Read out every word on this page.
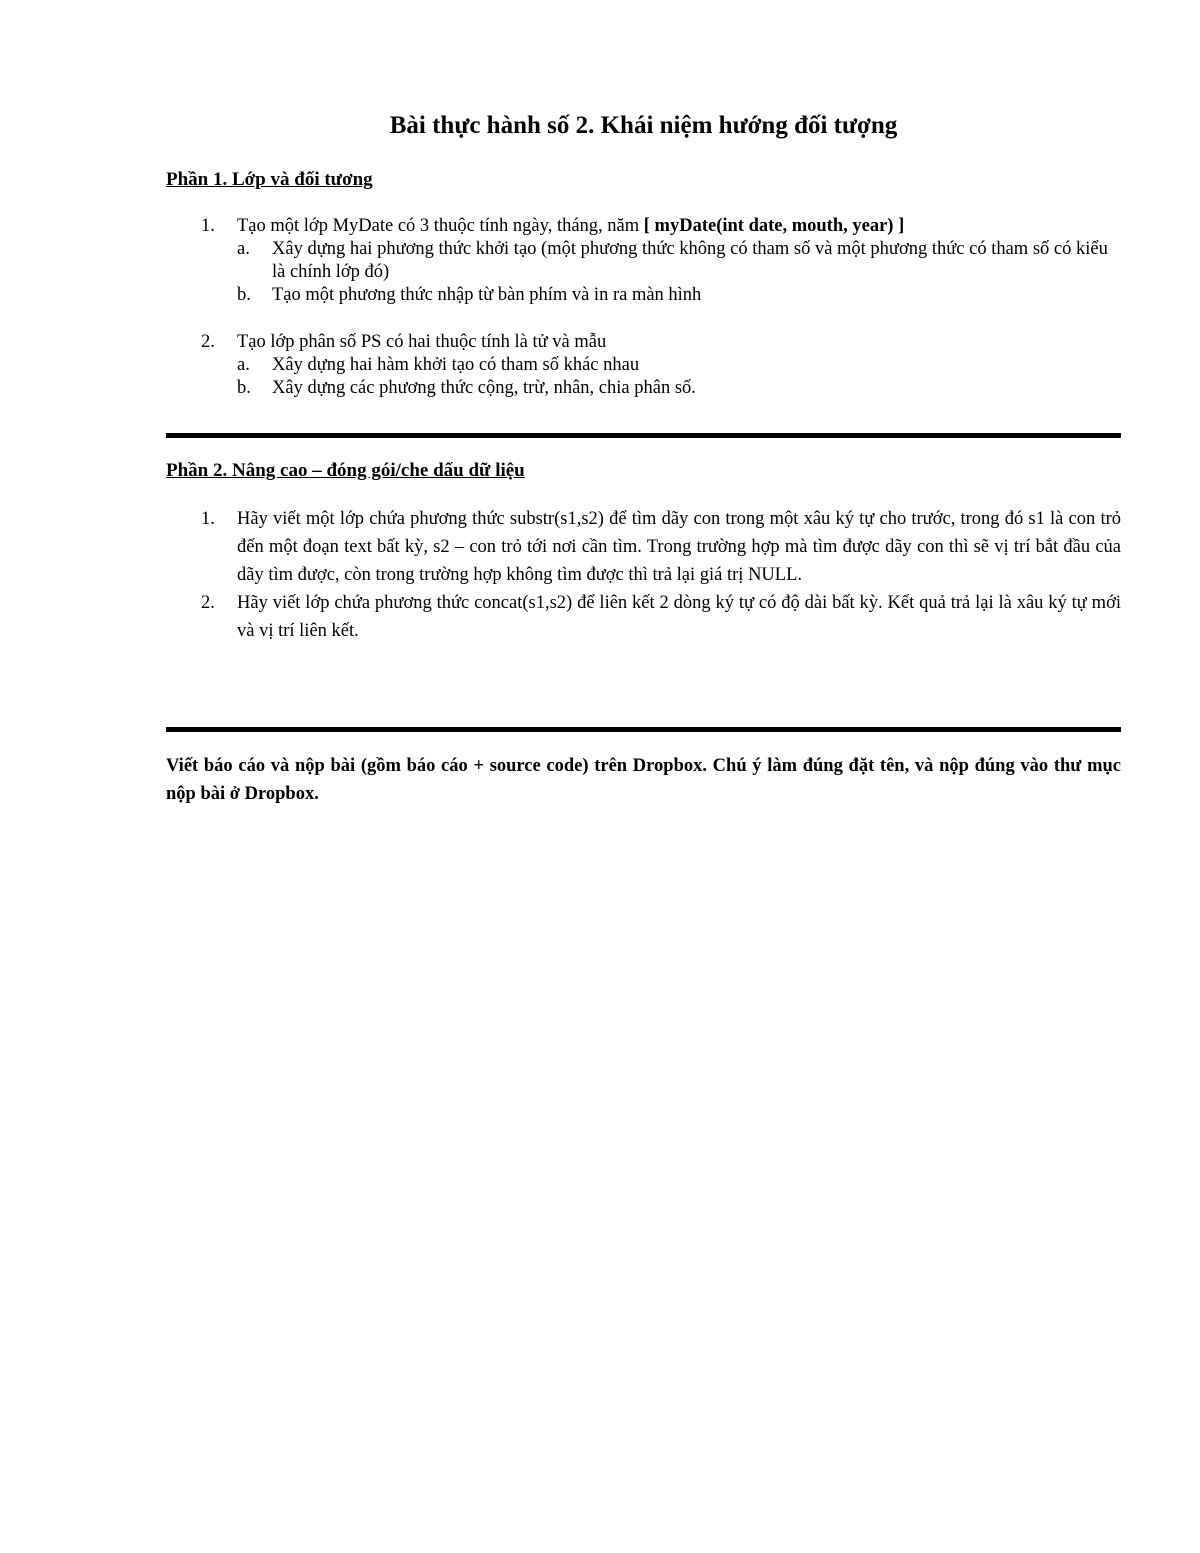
Bài thực hành số 2. Khái niệm hướng đối tượng
Phần 1. Lớp và đối tương
1. Tạo một lớp MyDate có 3 thuộc tính ngày, tháng, năm [ myDate(int date, mouth, year) ]
a. Xây dựng hai phương thức khởi tạo (một phương thức không có tham số và một phương thức có tham số có kiểu là chính lớp đó)
b. Tạo một phương thức nhập từ bàn phím và in ra màn hình
2. Tạo lớp phân số PS có hai thuộc tính là tử và mẫu
a. Xây dựng hai hàm khởi tạo có tham số khác nhau
b. Xây dựng các phương thức cộng, trừ, nhân, chia phân số.
Phần 2. Nâng cao – đóng gói/che dấu dữ liệu
1. Hãy viết một lớp chứa phương thức substr(s1,s2) để tìm dãy con trong một xâu ký tự cho trước, trong đó s1 là con trỏ đến một đoạn text bất kỳ, s2 – con trỏ tới nơi cần tìm. Trong trường hợp mà tìm được dãy con thì sẽ vị trí bắt đầu của dãy tìm được, còn trong trường hợp không tìm được thì trả lại giá trị NULL.
2. Hãy viết lớp chứa phương thức concat(s1,s2) để liên kết 2 dòng ký tự có độ dài bất kỳ. Kết quả trả lại là xâu ký tự mới và vị trí liên kết.
Viết báo cáo và nộp bài (gồm báo cáo + source code) trên Dropbox. Chú ý làm đúng đặt tên, và nộp đúng vào thư mục nộp bài ở Dropbox.
